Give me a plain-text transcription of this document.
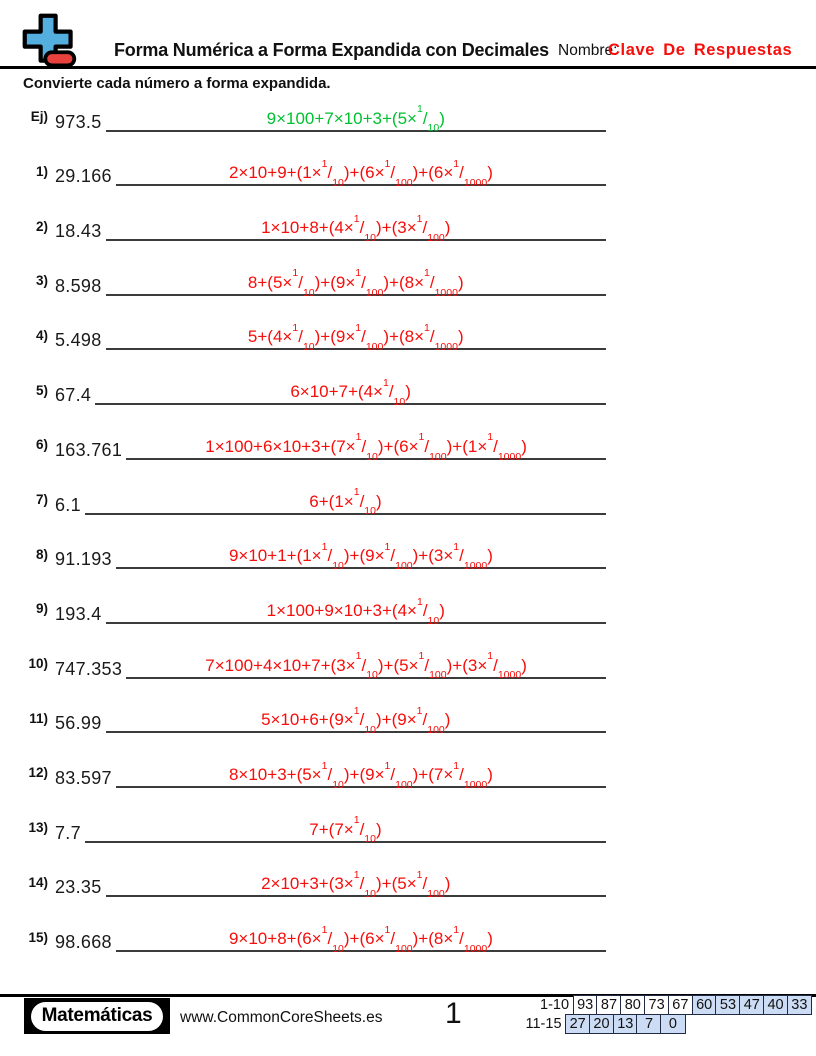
Forma Numérica a Forma Expandida con Decimales Nombre:
Clave De Respuestas
Convierte cada número a forma expandida.
Ej) 973.5	$9\times 100+7\times 10+3+(5\times^1/_{10})$
1) 29.166	$2\times 10+9+(1\times^1/_{10})+(6\times^1/_{100})+(6\times^1/_{1000})$
2) 18.43	$1\times 10+8+(4\times^1/_{10})+(3\times^1/_{100})$
3) 8.598	$8+(5\times^1/_{10})+(9\times^1/_{100})+(8\times^1/_{1000})$
4) 5.498	$5+(4\times^1/_{10})+(9\times^1/_{100})+(8\times^1/_{1000})$
5) 67.4	$6\times 10+7+(4\times^1/_{10})$
6) 163.761	$1\times 100+6\times 10+3+(7\times^1/_{10})+(6\times^1/_{100})+(1\times^1/_{1000})$
7) 6.1	$6+(1\times^1/_{10})$
8) 91.193	$9\times 10+1+(1\times^1/_{10})+(9\times^1/_{100})+(3\times^1/_{1000})$
9) 193.4	$1\times 100+9\times 10+3+(4\times^1/_{10})$
10) 747.353	$7\times 100+4\times 10+7+(3\times^1/_{10})+(5\times^1/_{100})+(3\times^1/_{1000})$
11) 56.99	$5\times 10+6+(9\times^1/_{10})+(9\times^1/_{100})$
12) 83.597	$8\times 10+3+(5\times^1/_{10})+(9\times^1/_{100})+(7\times^1/_{1000})$
13) 7.7	$7+(7\times^1/_{10})$
14) 23.35	$2\times 10+3+(3\times^1/_{10})+(5\times^1/_{100})$
15) 98.668	$9\times 10+8+(6\times^1/_{10})+(6\times^1/_{100})+(8\times^1/_{1000})$
Matemáticas	www.CommonCoreSheets.es 1	1-10 93 87 80 73 67 60 53 47 40 33
11-15 27 20 13 7	0
